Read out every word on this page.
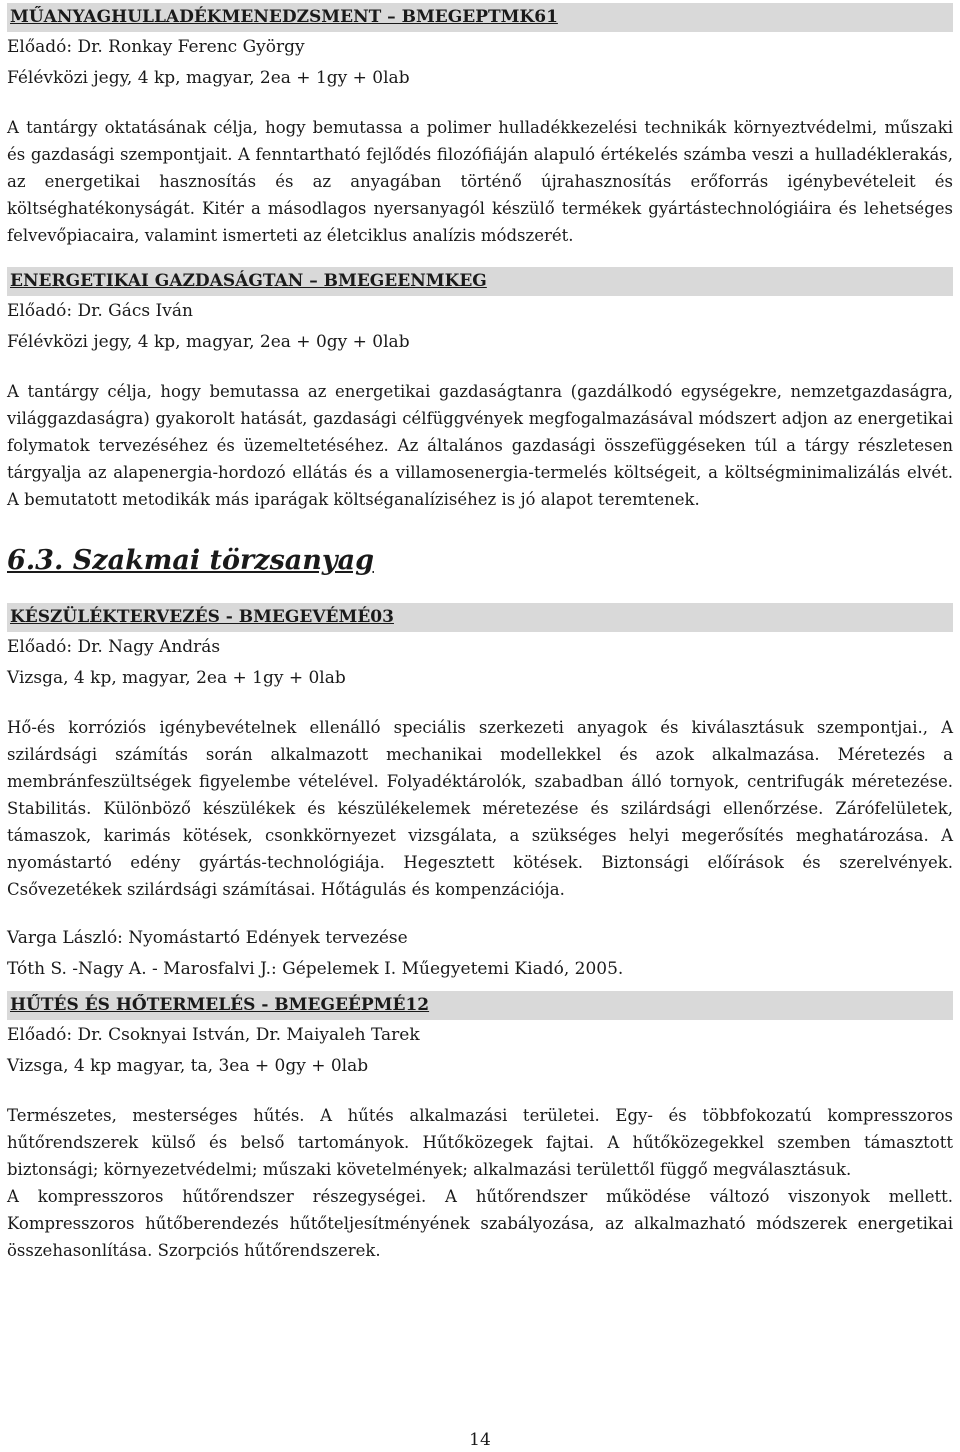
MŰANYAGHULLADÉKMENEDZSMENT – BMEGEPTMK61
Előadó: Dr. Ronkay Ferenc György
Félévközi jegy, 4 kp, magyar, 2ea + 1gy + 0lab

A tantárgy oktatásának célja, hogy bemutassa a polimer hulladékkezelési technikák környeztvédelmi, műszaki és gazdasági szempontjait. A fenntartható fejlődés filozófiáján alapuló értékelés számba veszi a hulladéklerakás, az energetikai hasznosítás és az anyagában történő újrahasznosítás erőforrás igénybevételeit és költséghatékonyságát. Kitér a másodlagos nyersanyagól készülő termékek gyártástechnológiáira és lehetséges felvevőpiacaira, valamint ismerteti az életciklus analízis módszerét.

ENERGETIKAI GAZDASÁGTAN – BMEGEENMKEG
Előadó: Dr. Gács Iván
Félévközi jegy, 4 kp, magyar, 2ea + 0gy + 0lab

A tantárgy célja, hogy bemutassa az energetikai gazdaságtanra (gazdálkodó egységekre, nemzetgazdaságra, világgazdaságra) gyakorolt hatását, gazdasági célfüggvények megfogalmazásával módszert adjon az energetikai folymatok tervezéséhez és üzemeltetéséhez. Az általános gazdasági összefüggéseken túl a tárgy részletesen tárgyalja az alapenergia-hordozó ellátás és a villamosenergia-termelés költségeit, a költségminimalizálás elvét. A bemutatott metodikák más iparágak költséganalíziséhez is jó alapot teremtenek.

6.3. Szakmai törzsanyag
KÉSZÜLÉKTERVEZÉS - BMEGEVÉMÉ03
Előadó: Dr. Nagy András
Vizsga, 4 kp, magyar, 2ea + 1gy + 0lab

Hő-és korróziós igénybevételnek ellenálló speciális szerkezeti anyagok és kiválasztásuk szempontjai., A szilárdsági számítás során alkalmazott mechanikai modellekkel és azok alkalmazása. Méretezés a membránfeszültségek figyelembe vételével. Folyadéktárolók, szabadban álló tornyok, centrifugák méretezése. Stabilitás. Különböző készülékek és készülékelemek méretezése és szilárdsági ellenőrzése. Zárófelületek, támaszok, karimás kötések, csonkkörnyezet vizsgálata, a szükséges helyi megerősítés meghatározása. A nyomástartó edény gyártás-technológiája. Hegesztett kötések. Biztonsági előírások és szerelvények. Csővezetékek szilárdsági számításai. Hőtágulás és kompenzációja.

Varga László: Nyomástartó Edények tervezése
Tóth S. -Nagy A. - Marosfalvi J.: Gépelemek I. Műegyetemi Kiadó, 2005.
HŰTÉS ÉS HŐTERMELÉS - BMEGEÉPMÉ12
Előadó: Dr. Csoknyai István, Dr. Maiyaleh Tarek
Vizsga, 4 kp magyar, ta, 3ea + 0gy + 0lab

Természetes, mesterséges hűtés. A hűtés alkalmazási területei. Egy- és többfokozatú kompresszoros hűtőrendszerek külső és belső tartományok. Hűtőközegek fajtai. A hűtőközegekkel szemben támasztott biztonsági; környezetvédelmi; műszaki követelmények; alkalmazási területtől függő megválasztásuk.

A kompresszoros hűtőrendszer részegységei. A hűtőrendszer működése változó viszonyok mellett. Kompresszoros hűtőberendezés hűtőteljesítményének szabályozása, az alkalmazható módszerek energetikai összehasonlítása. Szorpciós hűtőrendszerek.

14
